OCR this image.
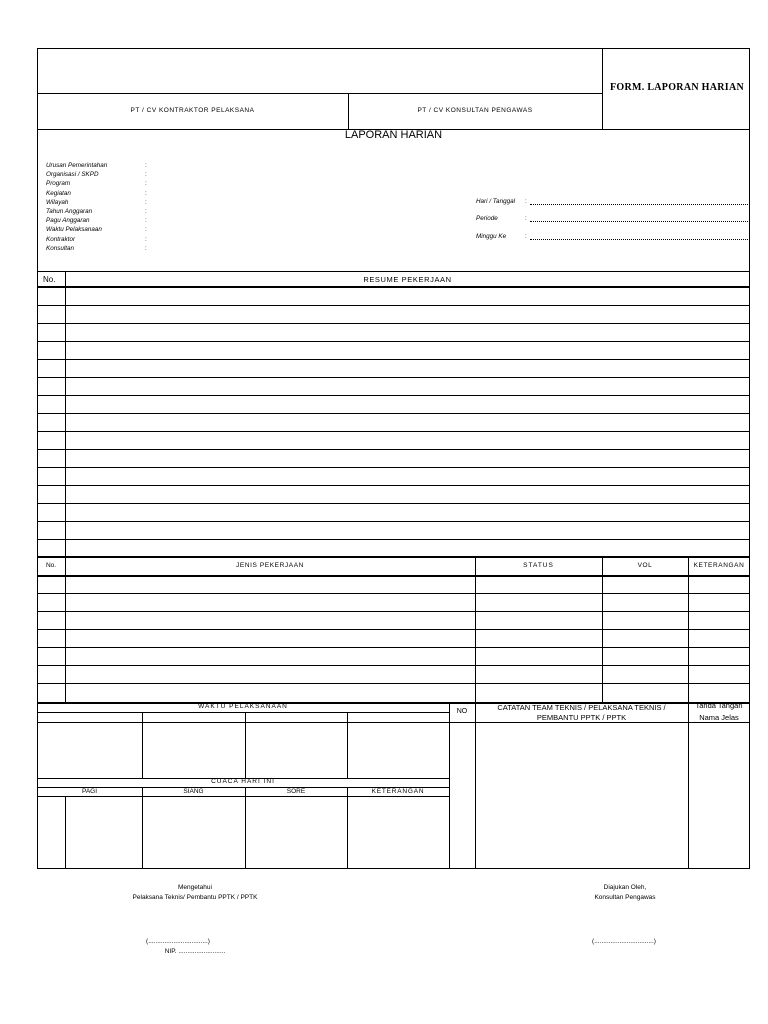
FORM. LAPORAN HARIAN
PT / CV KONTRAKTOR PELAKSANA	PT / CV KONSULTAN PENGAWAS
LAPORAN HARIAN
Urusan Pemerintahan	:
Organisasi / SKPD	:
Program	:
Kegiatan	:
Wilayah	:
Tahun Anggaran	:
Pagu Anggaran	:
Waktu Pelaksanaan	:
Kontraktor	:
Konsultan	:
Hari / Tanggal :
Periode	:
Minggu Ke	:
No.	RESUME PEKERJAAN
No.	JENIS PEKERJAAN	STATUS	VOL	KETERANGAN
WAKTU PELAKSANAAN
NO	CATATAN TEAM TEKNIS / PELAKSANA TEKNIS / PEMBANTU PPTK / PPTK
Tanda Tangan
Nama Jelas
CUACA HARI INI
PAGI	SIANG	SORE	KETERANGAN
Mengetahui
Pelaksana Teknis/ Pembantu PPTK / PPTK
(.................................)
NIP. ..........................
Diajukan Oleh,
Konsultan Pengawas
(.................................)
